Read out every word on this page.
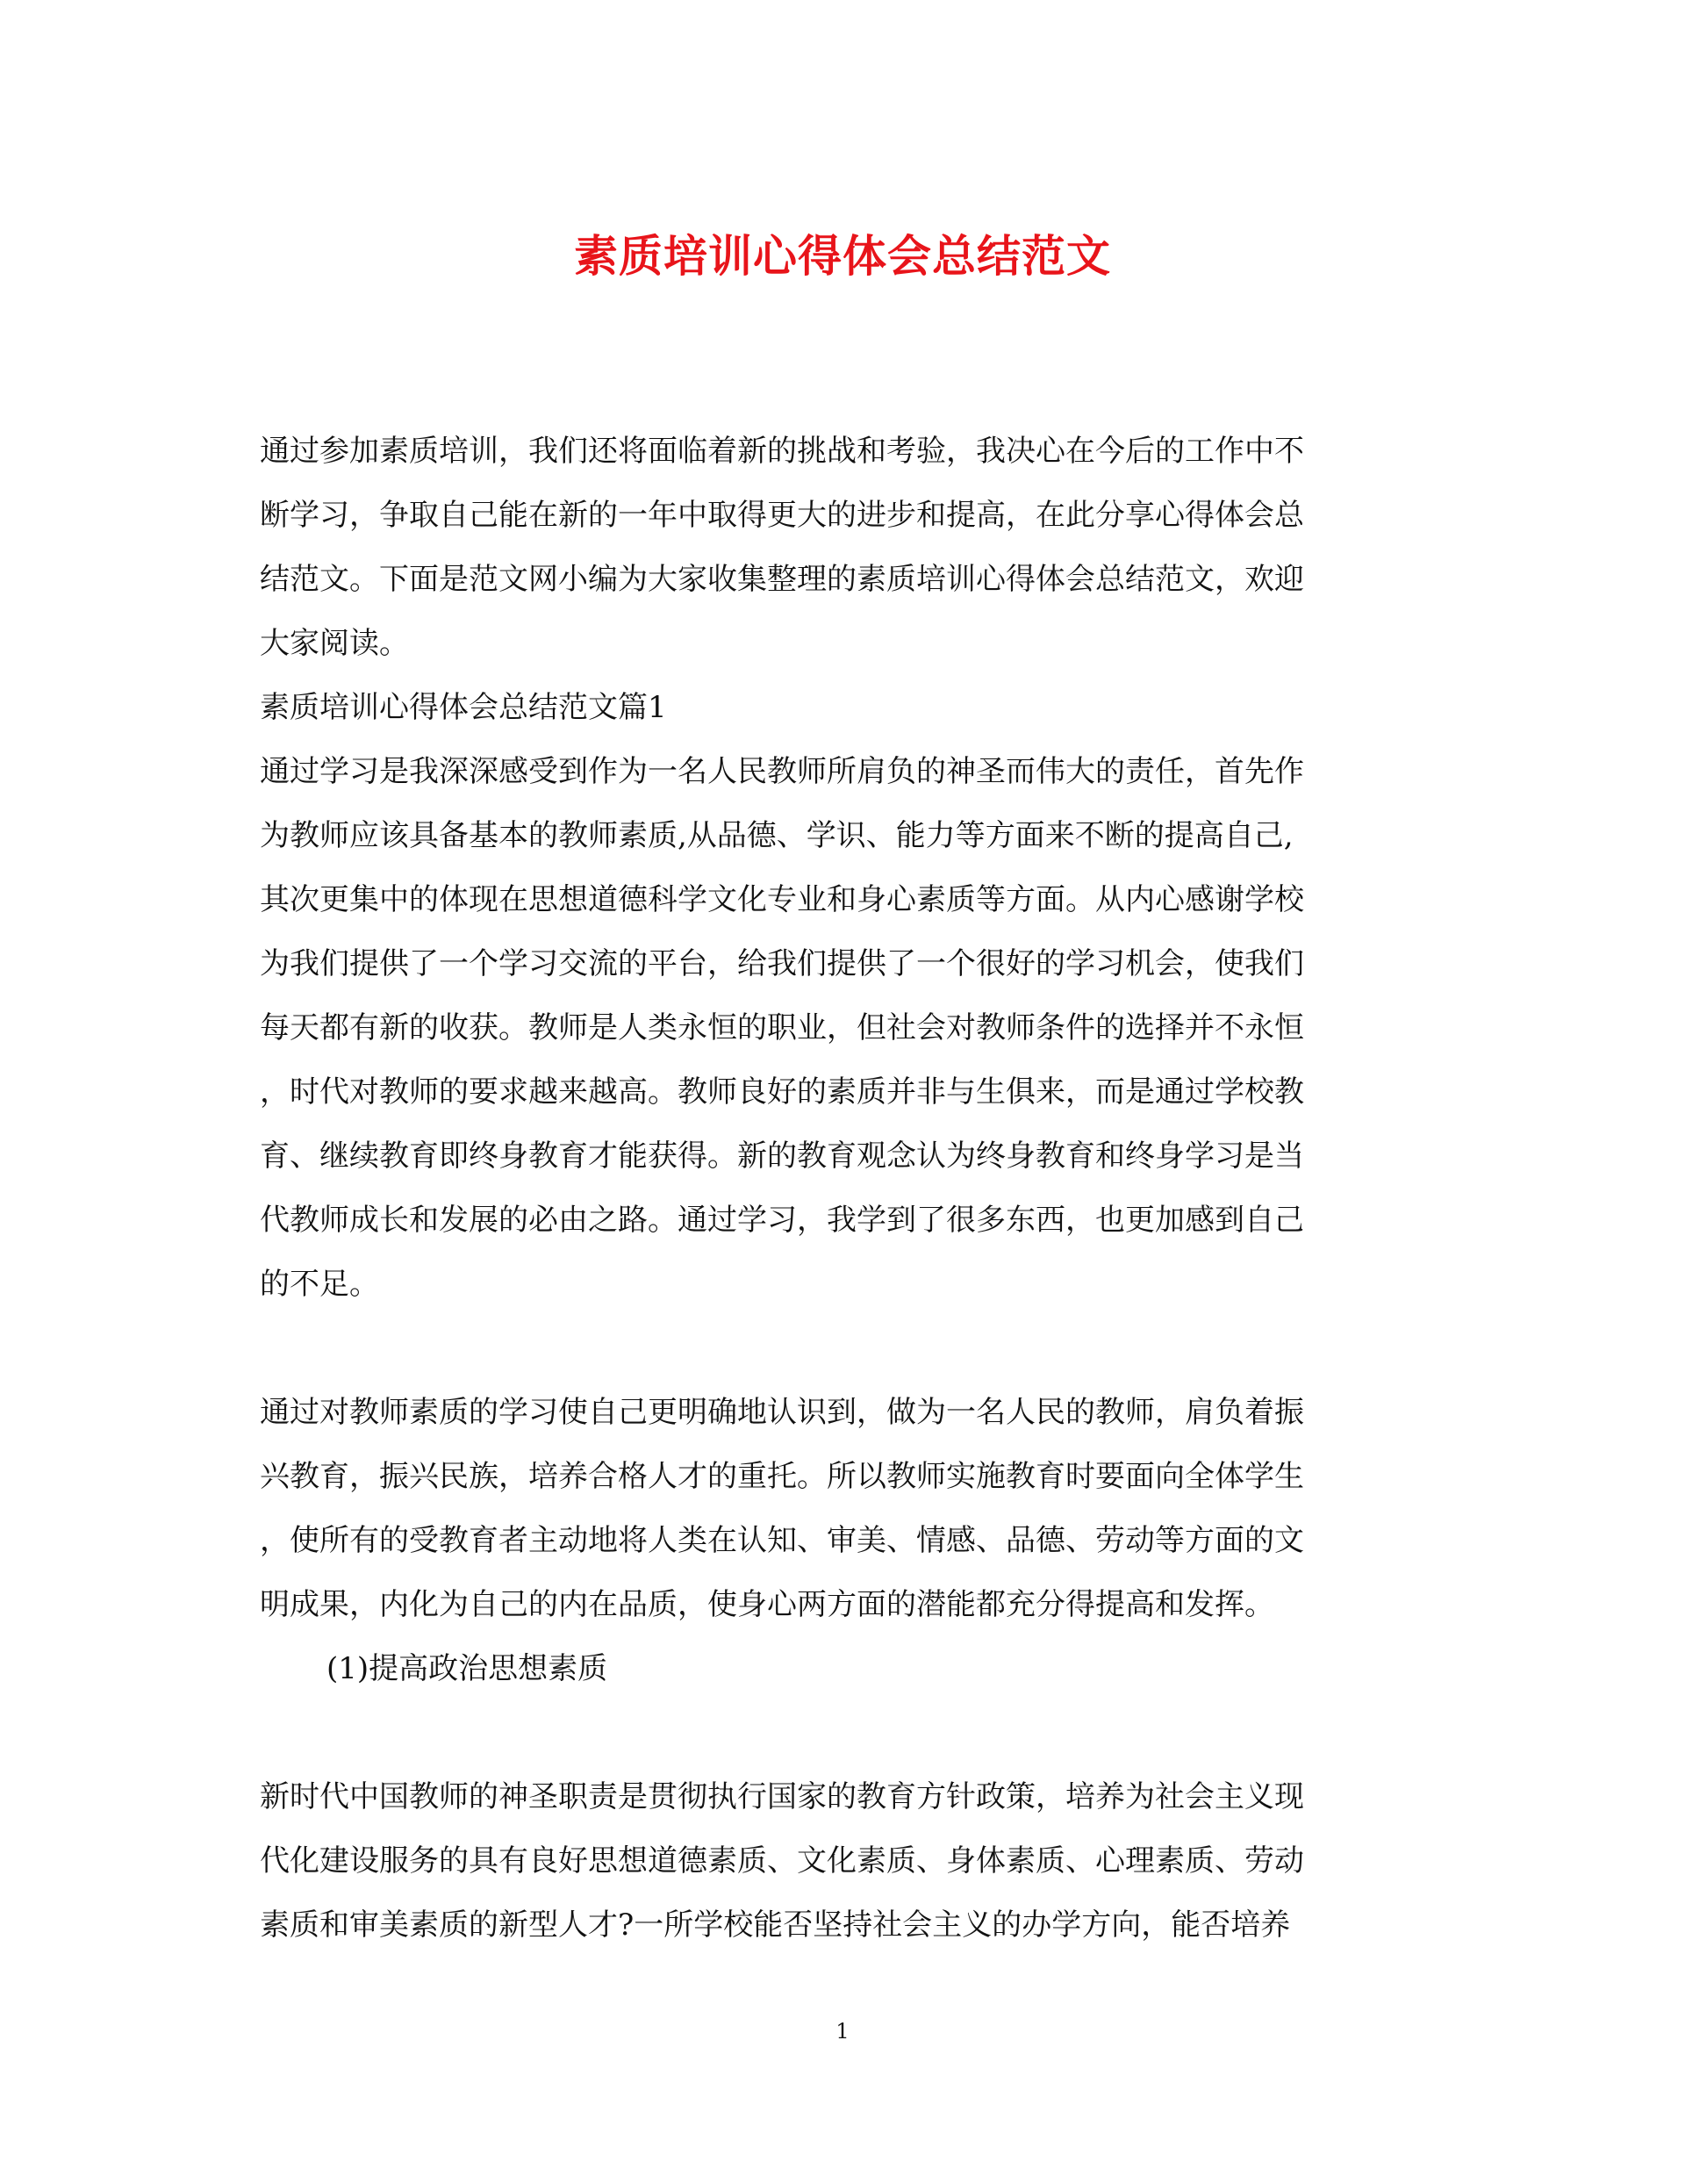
素质培训心得体会总结范文
通过参加素质培训，我们还将面临着新的挑战和考验，我决心在今后的工作中不
断学习，争取自己能在新的一年中取得更大的进步和提高，在此分享心得体会总
结范文。下面是范文网小编为大家收集整理的素质培训心得体会总结范文，欢迎
大家阅读。
素质培训心得体会总结范文篇1
通过学习是我深深感受到作为一名人民教师所肩负的神圣而伟大的责任，首先作
为教师应该具备基本的教师素质,从品德、学识、能力等方面来不断的提高自己,
其次更集中的体现在思想道德科学文化专业和身心素质等方面。从内心感谢学校
为我们提供了一个学习交流的平台，给我们提供了一个很好的学习机会，使我们
每天都有新的收获。教师是人类永恒的职业，但社会对教师条件的选择并不永恒
，时代对教师的要求越来越高。教师良好的素质并非与生俱来，而是通过学校教
育、继续教育即终身教育才能获得。新的教育观念认为终身教育和终身学习是当
代教师成长和发展的必由之路。通过学习，我学到了很多东西，也更加感到自己
的不足。
通过对教师素质的学习使自己更明确地认识到，做为一名人民的教师，肩负着振
兴教育，振兴民族，培养合格人才的重托。所以教师实施教育时要面向全体学生
，使所有的受教育者主动地将人类在认知、审美、情感、品德、劳动等方面的文
明成果，内化为自己的内在品质，使身心两方面的潜能都充分得提高和发挥。
(1)提高政治思想素质
新时代中国教师的神圣职责是贯彻执行国家的教育方针政策，培养为社会主义现
代化建设服务的具有良好思想道德素质、文化素质、身体素质、心理素质、劳动
素质和审美素质的新型人才?一所学校能否坚持社会主义的办学方向，能否培养
1
